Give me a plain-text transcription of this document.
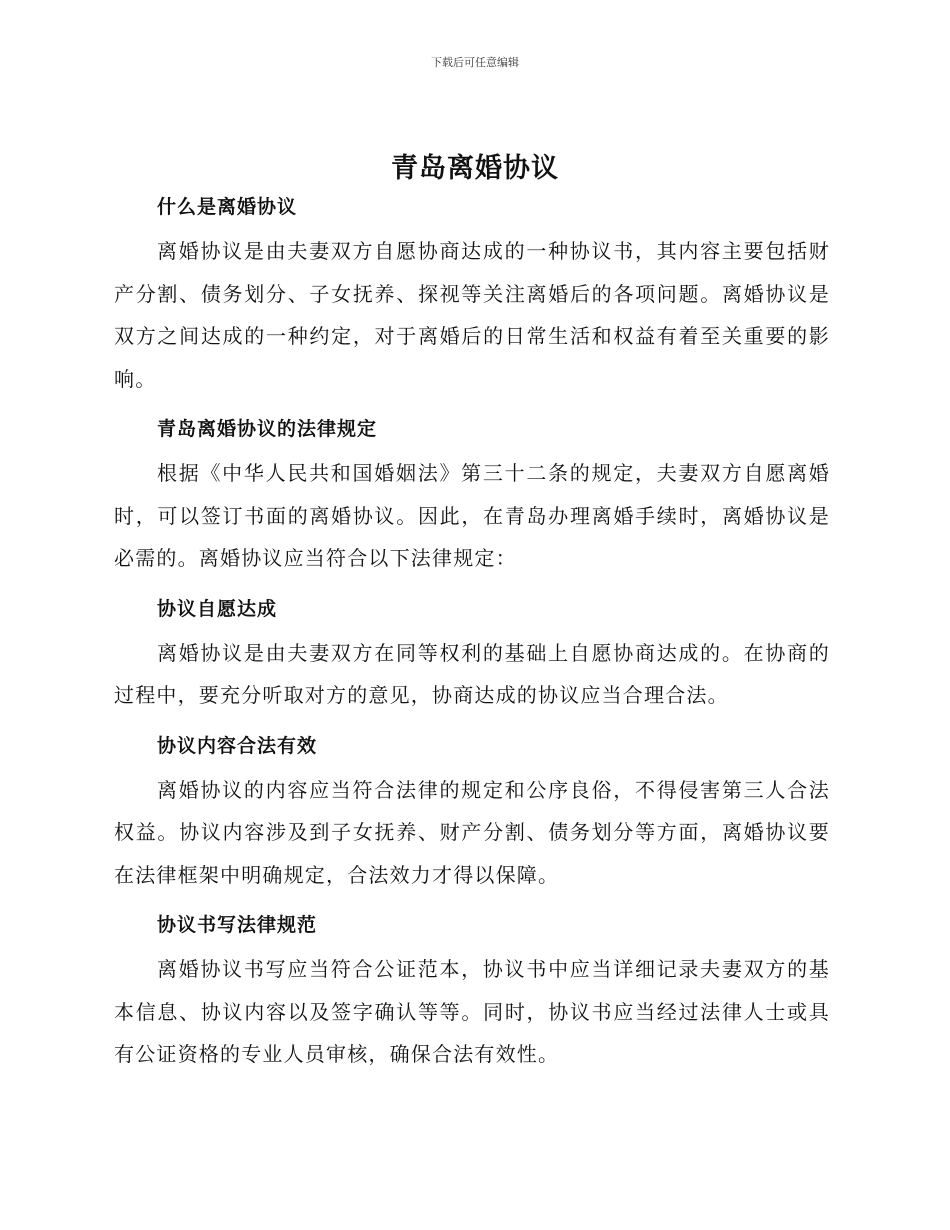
下载后可任意编辑
青岛离婚协议

什么是离婚协议

离婚协议是由夫妻双方自愿协商达成的一种协议书，其内容主要包括财产分割、债务划分、子女抚养、探视等关注离婚后的各项问题。离婚协议是双方之间达成的一种约定，对于离婚后的日常生活和权益有着至关重要的影响。

青岛离婚协议的法律规定

根据《中华人民共和国婚姻法》第三十二条的规定，夫妻双方自愿离婚时，可以签订书面的离婚协议。因此，在青岛办理离婚手续时，离婚协议是必需的。离婚协议应当符合以下法律规定：

协议自愿达成

离婚协议是由夫妻双方在同等权利的基础上自愿协商达成的。在协商的过程中，要充分听取对方的意见，协商达成的协议应当合理合法。

协议内容合法有效

离婚协议的内容应当符合法律的规定和公序良俗，不得侵害第三人合法权益。协议内容涉及到子女抚养、财产分割、债务划分等方面，离婚协议要在法律框架中明确规定，合法效力才得以保障。

协议书写法律规范

离婚协议书写应当符合公证范本，协议书中应当详细记录夫妻双方的基本信息、协议内容以及签字确认等等。同时，协议书应当经过法律人士或具有公证资格的专业人员审核，确保合法有效性。
